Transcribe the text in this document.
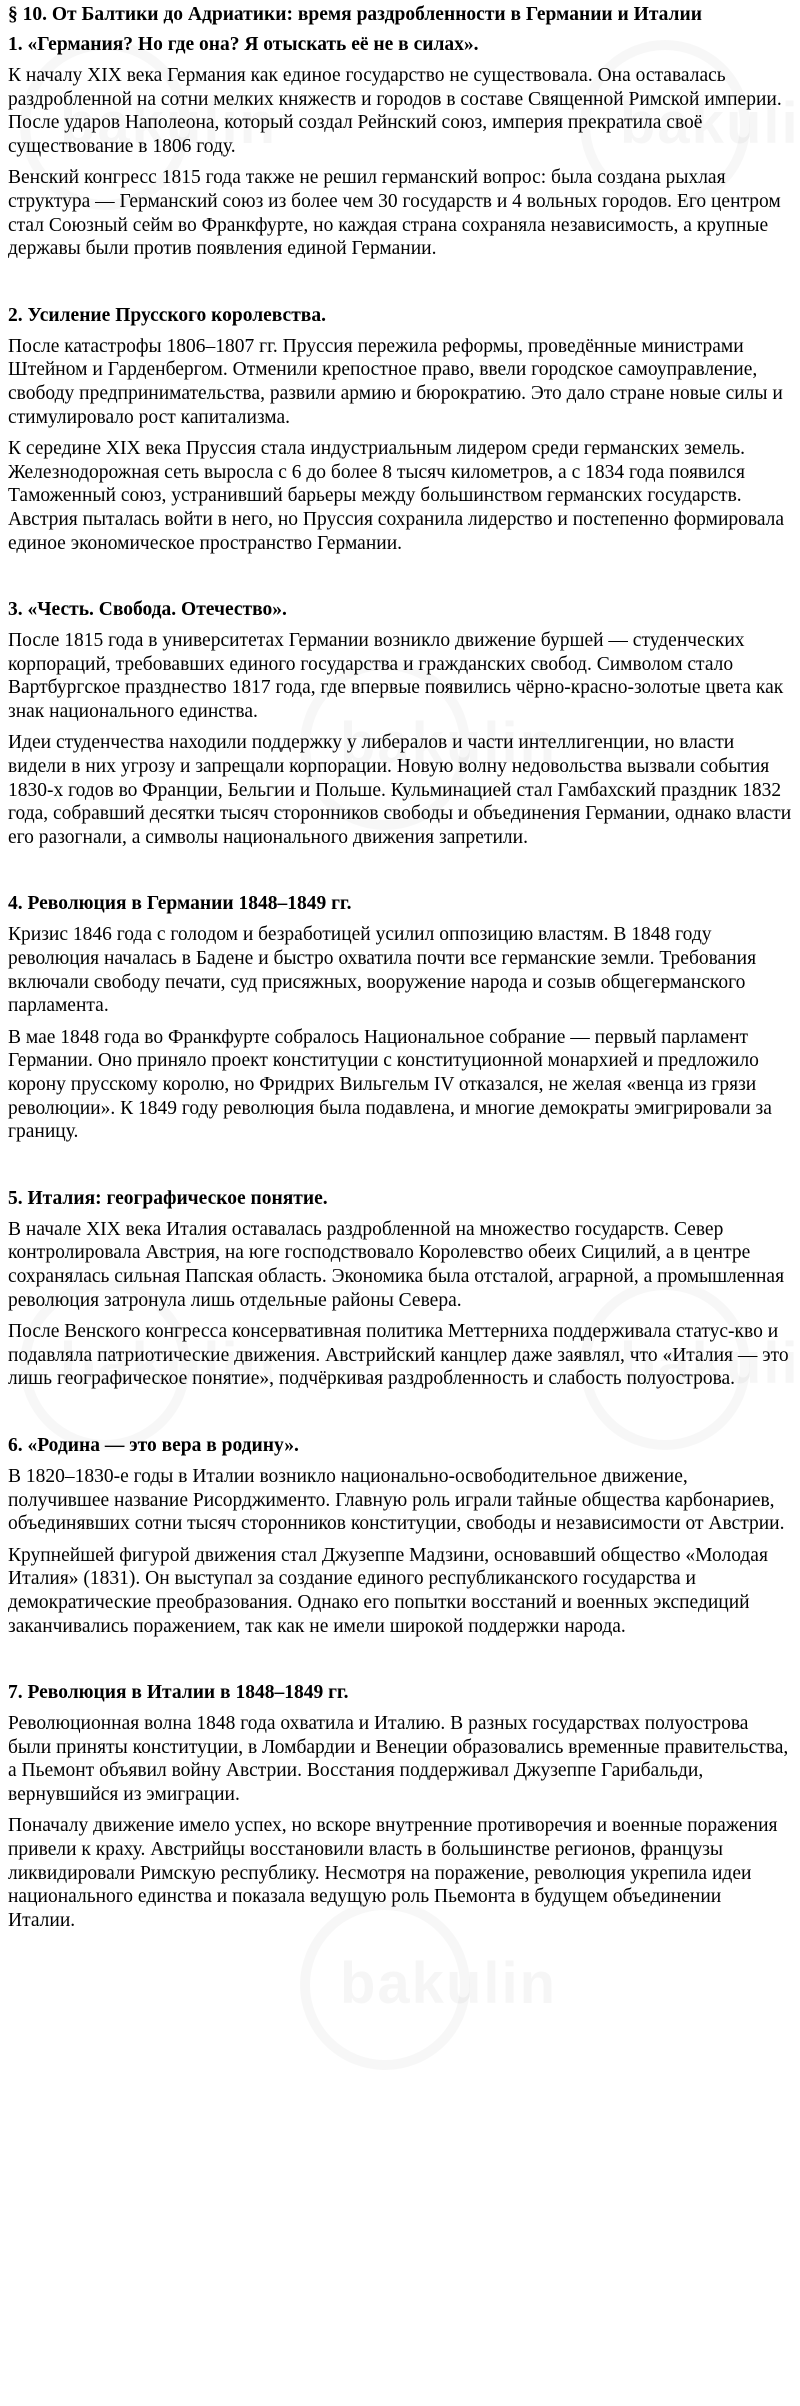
§ 10. От Балтики до Адриатики: время раздробленности в Германии и Италии
1. «Германия? Но где она? Я отыскать её не в силах».

К началу XIX века Германия как единое государство не существовала. Она оставалась раздробленной на сотни мелких княжеств и городов в составе Священной Римской империи. После ударов Наполеона, который создал Рейнский союз, империя прекратила своё существование в 1806 году.

Венский конгресс 1815 года также не решил германский вопрос: была создана рыхлая структура — Германский союз из более чем 30 государств и 4 вольных городов. Его центром стал Союзный сейм во Франкфурте, но каждая страна сохраняла независимость, а крупные державы были против появления единой Германии.

2. Усиление Прусского королевства.

После катастрофы 1806–1807 гг. Пруссия пережила реформы, проведённые министрами Штейном и Гарденбергом. Отменили крепостное право, ввели городское самоуправление, свободу предпринимательства, развили армию и бюрократию. Это дало стране новые силы и стимулировало рост капитализма.

К середине XIX века Пруссия стала индустриальным лидером среди германских земель. Железнодорожная сеть выросла с 6 до более 8 тысяч километров, а с 1834 года появился Таможенный союз, устранивший барьеры между большинством германских государств. Австрия пыталась войти в него, но Пруссия сохранила лидерство и постепенно формировала единое экономическое пространство Германии.

3. «Честь. Свобода. Отечество».

После 1815 года в университетах Германии возникло движение буршей — студенческих корпораций, требовавших единого государства и гражданских свобод. Символом стало Вартбургское празднество 1817 года, где впервые появились чёрно-красно-золотые цвета как знак национального единства.

Идеи студенчества находили поддержку у либералов и части интеллигенции, но власти видели в них угрозу и запрещали корпорации. Новую волну недовольства вызвали события 1830-х годов во Франции, Бельгии и Польше. Кульминацией стал Гамбахский праздник 1832 года, собравший десятки тысяч сторонников свободы и объединения Германии, однако власти его разогнали, а символы национального движения запретили.

4. Революция в Германии 1848–1849 гг.

Кризис 1846 года с голодом и безработицей усилил оппозицию властям. В 1848 году революция началась в Бадене и быстро охватила почти все германские земли. Требования включали свободу печати, суд присяжных, вооружение народа и созыв общегерманского парламента.

В мае 1848 года во Франкфурте собралось Национальное собрание — первый парламент Германии. Оно приняло проект конституции с конституционной монархией и предложило корону прусскому королю, но Фридрих Вильгельм IV отказался, не желая «венца из грязи революции». К 1849 году революция была подавлена, и многие демократы эмигрировали за границу.

5. Италия: географическое понятие.

В начале XIX века Италия оставалась раздробленной на множество государств. Север контролировала Австрия, на юге господствовало Королевство обеих Сицилий, а в центре сохранялась сильная Папская область. Экономика была отсталой, аграрной, а промышленная революция затронула лишь отдельные районы Севера.

После Венского конгресса консервативная политика Меттерниха поддерживала статус-кво и подавляла патриотические движения. Австрийский канцлер даже заявлял, что «Италия — это лишь географическое понятие», подчёркивая раздробленность и слабость полуострова.

6. «Родина — это вера в родину».

В 1820–1830-е годы в Италии возникло национально-освободительное движение, получившее название Рисорджименто. Главную роль играли тайные общества карбонариев, объединявших сотни тысяч сторонников конституции, свободы и независимости от Австрии.

Крупнейшей фигурой движения стал Джузеппе Мадзини, основавший общество «Молодая Италия» (1831). Он выступал за создание единого республиканского государства и демократические преобразования. Однако его попытки восстаний и военных экспедиций заканчивались поражением, так как не имели широкой поддержки народа.

7. Революция в Италии в 1848–1849 гг.

Революционная волна 1848 года охватила и Италию. В разных государствах полуострова были приняты конституции, в Ломбардии и Венеции образовались временные правительства, а Пьемонт объявил войну Австрии. Восстания поддерживал Джузеппе Гарибальди, вернувшийся из эмиграции.

Поначалу движение имело успех, но вскоре внутренние противоречия и военные поражения привели к краху. Австрийцы восстановили власть в большинстве регионов, французы ликвидировали Римскую республику. Несмотря на поражение, революция укрепила идеи национального единства и показала ведущую роль Пьемонта в будущем объединении Италии.
